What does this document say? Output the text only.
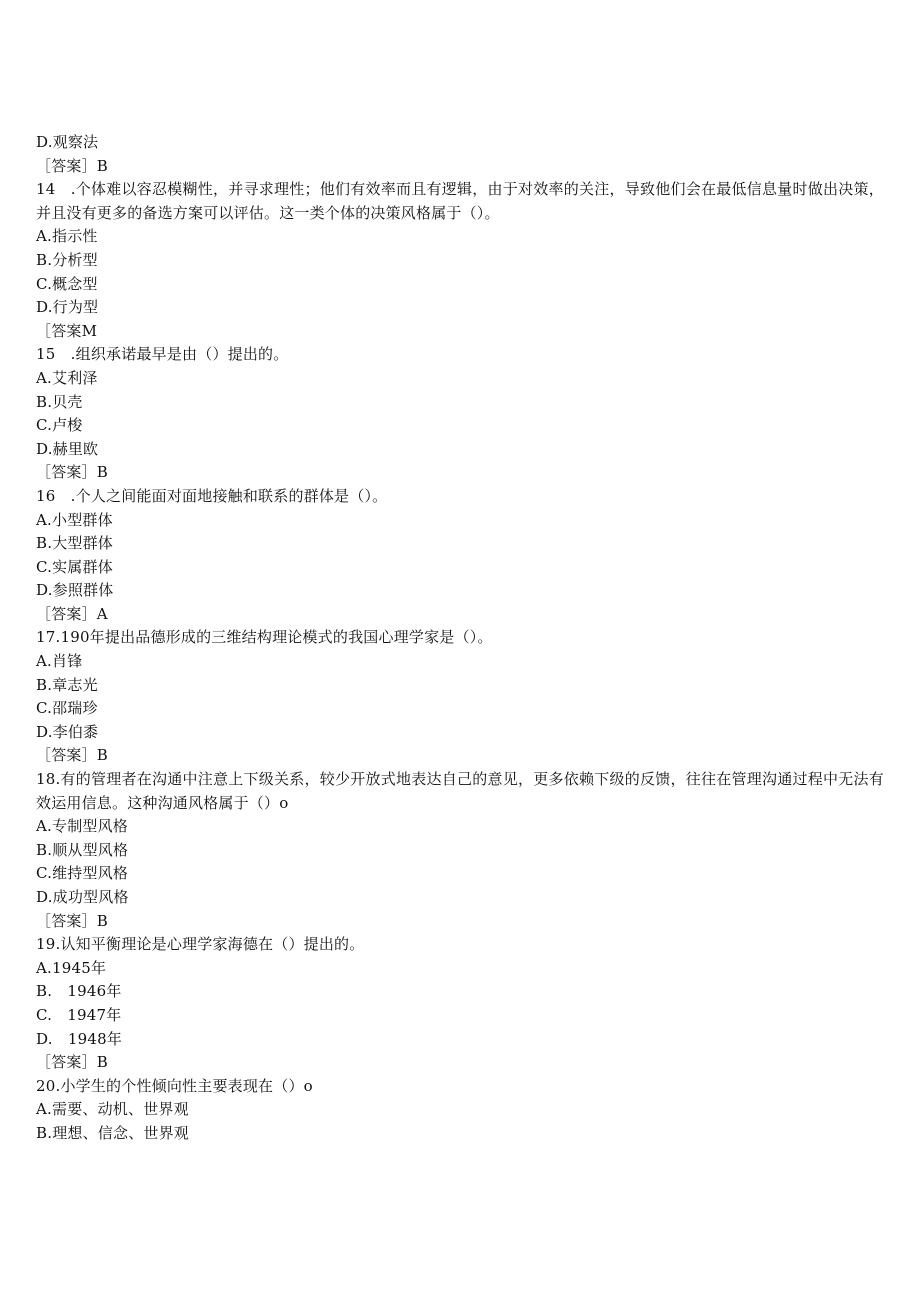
D.观察法
［答案］B
14　.个体难以容忍模糊性，并寻求理性；他们有效率而且有逻辑，由于对效率的关注，导致他们会在最低信息量时做出决策，并且没有更多的备选方案可以评估。这一类个体的决策风格属于（）。
A.指示性
B.分析型
C.概念型
D.行为型
［答案M
15　.组织承诺最早是由（）提出的。
A.艾利泽
B.贝壳
C.卢梭
D.赫里欧
［答案］B
16　.个人之间能面对面地接触和联系的群体是（）。
A.小型群体
B.大型群体
C.实属群体
D.参照群体
［答案］A
17.190年提出品德形成的三维结构理论模式的我国心理学家是（）。
A.肖锋
B.章志光
C.邵瑞珍
D.李伯黍
［答案］B
18.有的管理者在沟通中注意上下级关系，较少开放式地表达自己的意见，更多依赖下级的反馈，往往在管理沟通过程中无法有效运用信息。这种沟通风格属于（）o
A.专制型风格
B.顺从型风格
C.维持型风格
D.成功型风格
［答案］B
19.认知平衡理论是心理学家海德在（）提出的。
A.1945年
B.　1946年
C.　1947年
D.　1948年
［答案］B
20.小学生的个性倾向性主要表现在（）o
A.需要、动机、世界观
B.理想、信念、世界观
